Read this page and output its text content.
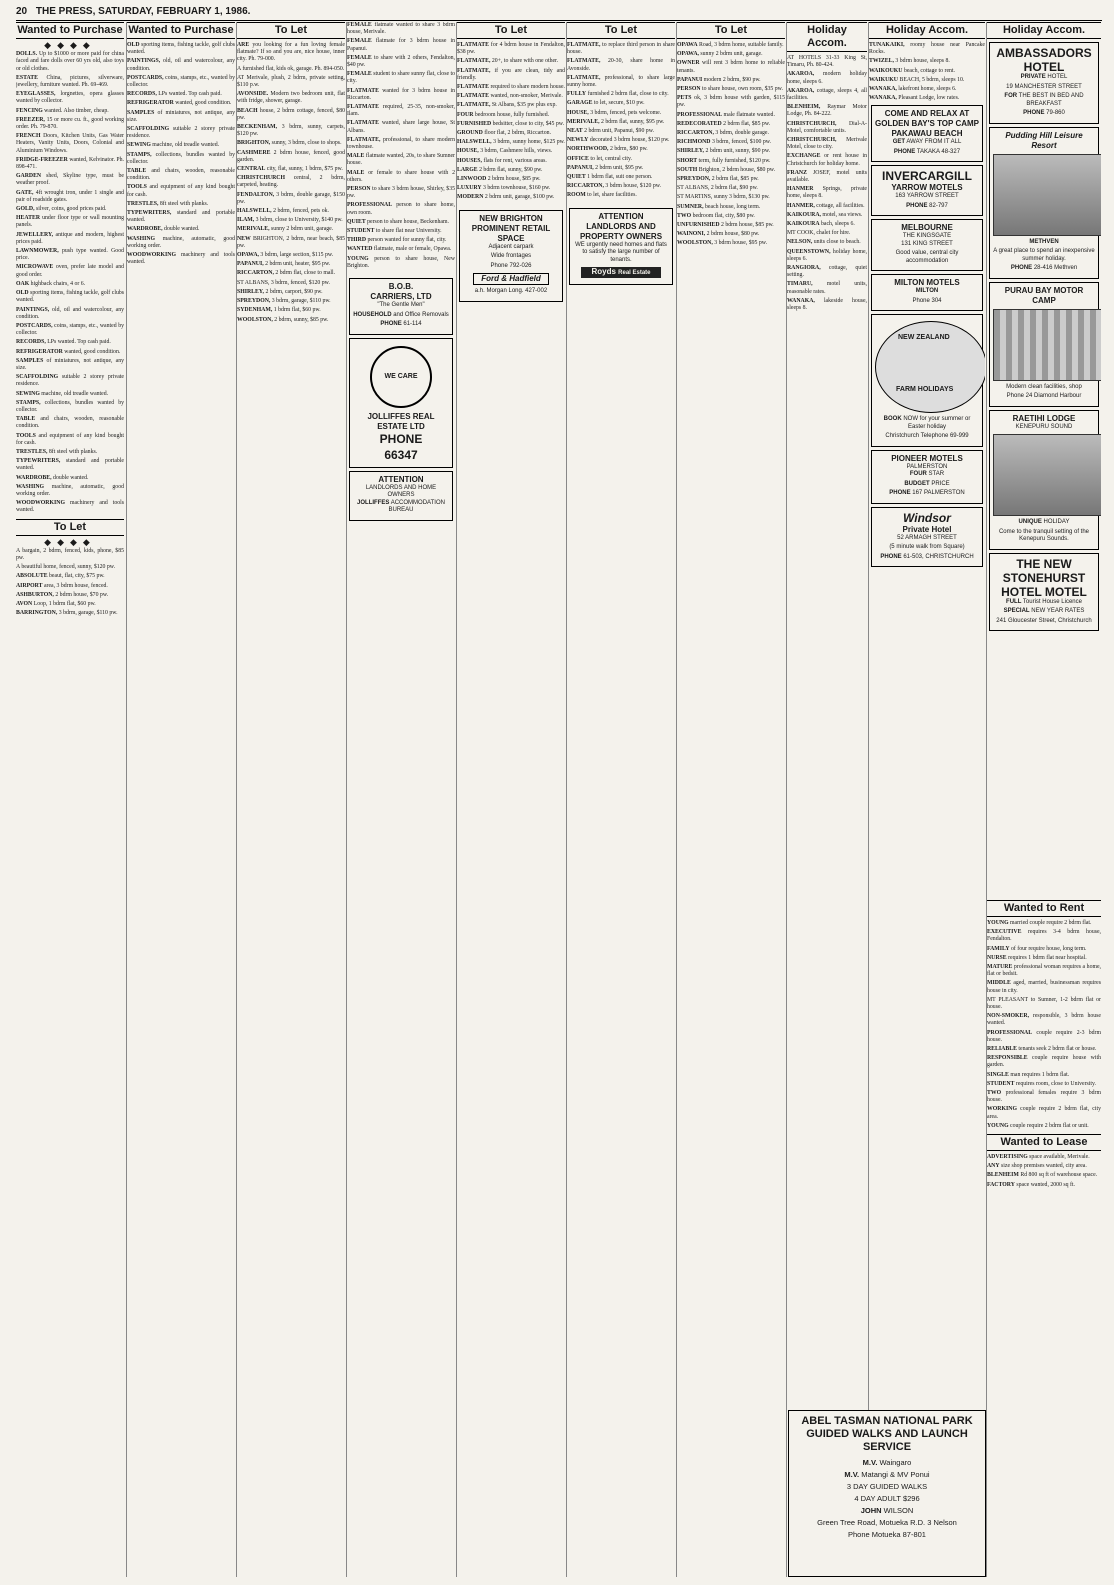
20 THE PRESS, SATURDAY, FEBRUARY 1, 1986.
Wanted to Purchase
◆◆◆◆
DOLLS. Up to $1000 or more paid for china faced and fare dolls over 60 yrs old, also toys or old clothes.
ESTATE China, pictures, silverware, jewellery, furniture wanted. Ph. 69-469.
EYEGLASSES, lorgnettes, opera glasses wanted by collector.
FENCING wanted. Also timber, cheap.
FREEZER, 15 or more cu. ft., good working order. Ph. 79-870.
FRENCH Doors, Kitchen Units, Gas Water Heaters, Vanity Units, Doors, Colonial and Aluminium Windows.
FRIDGE-FREEZER wanted, Kelvinator. Ph. 898-471.
GARDEN shed, Skyline type, must be weather proof.
GATE, 4ft wrought iron, under 1 single and pair of roadside gates.
GOLD, silver, coins, good prices paid.
HEATER under floor type or wall mounting panels.
JEWELLERY, antique and modern, highest prices paid.
LAWNMOWER, push type wanted. Good price.
MICROWAVE oven, prefer late model and good order.
OAK highback chairs, 4 or 6.
OLD sporting items, fishing tackle, golf clubs wanted.
PAINTINGS, old, oil and watercolour, any condition.
POSTCARDS, coins, stamps, etc., wanted by collector.
RECORDS, LPs wanted. Top cash paid.
REFRIGERATOR wanted, good condition.
SAMPLES of miniatures, not antique, any size.
SCAFFOLDING suitable 2 storey private residence.
SEWING machine, old treadle wanted.
STAMPS, collections, bundles wanted by collector.
TABLE and chairs, wooden, reasonable condition.
TOOLS and equipment of any kind bought for cash.
TRESTLES, 8ft steel with planks.
TYPEWRITERS, standard and portable wanted.
WARDROBE, double wanted.
WASHING machine, automatic, good working order.
WOODWORKING machinery and tools wanted.
To Let
◆◆◆◆
A bargain, 2 bdrm, fenced, kids, phone, $85 pw.
A beautiful home, fenced, sunny, $120 pw.
ABSOLUTE beaut, flat, city, $75 pw.
AIRPORT area, 3 bdrm house, fenced.
ASHBURTON, 2 bdrm house, $70 pw.
AVON Loop, 1 bdrm flat, $60 pw.
BARRINGTON, 3 bdrm, garage, $110 pw.
Wanted to Purchase
OLD sporting items, fishing tackle, golf clubs wanted.
PAINTINGS, old, oil and watercolour, any condition.
POSTCARDS, coins, stamps, etc., wanted by collector.
RECORDS, LPs wanted. Top cash paid.
REFRIGERATOR wanted, good condition.
SAMPLES of miniatures, not antique, any size.
SCAFFOLDING suitable 2 storey private residence.
SEWING machine, old treadle wanted.
STAMPS, collections, bundles wanted by collector.
TABLE and chairs, wooden, reasonable condition.
TOOLS and equipment of any kind bought for cash.
TRESTLES, 8ft steel with planks.
TYPEWRITERS, standard and portable wanted.
WARDROBE, double wanted.
WASHING machine, automatic, good working order.
WOODWORKING machinery and tools wanted.
To Let
ARE you looking for a fun loving female flatmate? If so and you are, nice house, inner city. Ph. 79-000.
A furnished flat, kids ok, garage. Ph. 894-050.
AT Merivale, plush, 2 bdrm, private setting, $110 p.w.
AVONSIDE. Modern two bedroom unit, flat with fridge, shower, garage.
BEACH house, 2 bdrm cottage, fenced, $80 pw.
BECKENHAM, 3 bdrm, sunny, carpets, $120 pw.
BRIGHTON, sunny, 3 bdrm, close to shops.
CASHMERE 2 bdrm house, fenced, good garden.
CENTRAL city, flat, sunny, 1 bdrm, $75 pw.
CHRISTCHURCH central, 2 bdrm, carpeted, heating.
FENDALTON, 3 bdrm, double garage, $150 pw.
HALSWELL, 2 bdrm, fenced, pets ok.
ILAM, 3 bdrm, close to University, $140 pw.
MERIVALE, sunny 2 bdrm unit, garage.
NEW BRIGHTON, 2 bdrm, near beach, $85 pw.
OPAWA, 3 bdrm, large section, $115 pw.
PAPANUI, 2 bdrm unit, heater, $95 pw.
RICCARTON, 2 bdrm flat, close to mall.
ST ALBANS, 3 bdrm, fenced, $120 pw.
SHIRLEY, 2 bdrm, carport, $90 pw.
SPREYDON, 3 bdrm, garage, $110 pw.
SYDENHAM, 1 bdrm flat, $60 pw.
WOOLSTON, 2 bdrm, sunny, $85 pw.
FEMALE flatmate wanted to share 3 bdrm house, Merivale.
FEMALE flatmate for 3 bdrm house in Papanui.
FEMALE to share with 2 others, Fendalton, $40 pw.
FEMALE student to share sunny flat, close to city.
FLATMATE wanted for 3 bdrm house in Riccarton.
FLATMATE required, 25-35, non-smoker, Ilam.
FLATMATE wanted, share large house, St Albans.
FLATMATE, professional, to share modern townhouse.
MALE flatmate wanted, 20s, to share Sumner house.
MALE or female to share house with 2 others.
PERSON to share 3 bdrm house, Shirley, $35 pw.
PROFESSIONAL person to share home, own room.
QUIET person to share house, Beckenham.
STUDENT to share flat near University.
THIRD person wanted for sunny flat, city.
WANTED flatmate, male or female, Opawa.
YOUNG person to share house, New Brighton.
B.O.B.
CARRIERS, LTD
"The Gentle Men"
HOUSEHOLD and Office Removals
PHONE 61-114
WE CARE
JOLLIFFES REAL ESTATE LTD
PHONE
66347
ATTENTION
LANDLORDS AND HOME OWNERS
JOLLIFFES ACCOMMODATION BUREAU
To Let
FLATMATE for 4 bdrm house in Fendalton, $38 pw.
FLATMATE, 20+, to share with one other.
FLATMATE, if you are clean, tidy and friendly.
FLATMATE required to share modern house.
FLATMATE wanted, non-smoker, Merivale.
FLATMATE, St Albans, $35 pw plus exp.
FOUR bedroom house, fully furnished.
FURNISHED bedsitter, close to city, $45 pw.
GROUND floor flat, 2 bdrm, Riccarton.
HALSWELL, 3 bdrm, sunny home, $125 pw.
HOUSE, 3 bdrm, Cashmere hills, views.
HOUSES, flats for rent, various areas.
LARGE 2 bdrm flat, sunny, $90 pw.
LINWOOD 2 bdrm house, $85 pw.
LUXURY 3 bdrm townhouse, $160 pw.
MODERN 2 bdrm unit, garage, $100 pw.
NEW BRIGHTON PROMINENT RETAIL SPACE
Adjacent carpark
Wide frontages
Phone 792-026
Ford & Hadfield
a.h. Morgan Long. 427-002
To Let
FLATMATE, to replace third person in share house.
FLATMATE, 20-30, share home in Avonside.
FLATMATE, professional, to share large sunny home.
FULLY furnished 2 bdrm flat, close to city.
GARAGE to let, secure, $10 pw.
HOUSE, 3 bdrm, fenced, pets welcome.
MERIVALE, 2 bdrm flat, sunny, $95 pw.
NEAT 2 bdrm unit, Papanui, $90 pw.
NEWLY decorated 3 bdrm house, $120 pw.
NORTHWOOD, 2 bdrm, $80 pw.
OFFICE to let, central city.
PAPANUI, 2 bdrm unit, $95 pw.
QUIET 1 bdrm flat, suit one person.
RICCARTON, 3 bdrm house, $120 pw.
ROOM to let, share facilities.
ATTENTION LANDLORDS AND PROPERTY OWNERS
WE urgently need homes and flats to satisfy the large number of tenants.
Royds Real Estate
To Let
OPAWA Road, 3 bdrm home, suitable family.
OPAWA, sunny 2 bdrm unit, garage.
OWNER will rent 3 bdrm home to reliable tenants.
PAPANUI modern 2 bdrm, $90 pw.
PERSON to share house, own room, $35 pw.
PETS ok, 3 bdrm house with garden, $115 pw.
PROFESSIONAL male flatmate wanted.
REDECORATED 2 bdrm flat, $85 pw.
RICCARTON, 3 bdrm, double garage.
RICHMOND 3 bdrm, fenced, $100 pw.
SHIRLEY, 2 bdrm unit, sunny, $90 pw.
SHORT term, fully furnished, $120 pw.
SOUTH Brighton, 2 bdrm house, $80 pw.
SPREYDON, 2 bdrm flat, $85 pw.
ST ALBANS, 2 bdrm flat, $90 pw.
ST MARTINS, sunny 3 bdrm, $130 pw.
SUMNER, beach house, long term.
TWO bedroom flat, city, $80 pw.
UNFURNISHED 2 bdrm house, $85 pw.
WAINONI, 2 bdrm house, $80 pw.
WOOLSTON, 3 bdrm house, $95 pw.
Holiday Accom.
AT HOTELS 31-33 King St, Timaru, Ph. 80-424.
AKAROA, modern holiday home, sleeps 6.
AKAROA, cottage, sleeps 4, all facilities.
BLENHEIM, Raymar Motor Lodge, Ph. 84-222.
CHRISTCHURCH, Dial-A-Motel, comfortable units.
CHRISTCHURCH, Merivale Motel, close to city.
EXCHANGE or rent house in Christchurch for holiday home.
FRANZ JOSEF, motel units available.
HANMER Springs, private home, sleeps 8.
HANMER, cottage, all facilities.
KAIKOURA, motel, sea views.
KAIKOURA bach, sleeps 6.
MT COOK, chalet for hire.
NELSON, units close to beach.
QUEENSTOWN, holiday home, sleeps 6.
RANGIORA, cottage, quiet setting.
TIMARU, motel units, reasonable rates.
WANAKA, lakeside house, sleeps 8.
Holiday Accom.
TUNAKAIKI, roomy house near Pancake Rocks.
TWIZEL, 3 bdrm house, sleeps 8.
WAIKOUKU beach, cottage to rent.
WAIKUKU BEACH, 5 bdrm, sleeps 10.
WANAKA, lakefront home, sleeps 6.
WANAKA, Pleasant Lodge, low rates.
COME AND RELAX AT GOLDEN BAY'S TOP CAMP
PAKAWAU BEACH
GET AWAY FROM IT ALL
PHONE TAKAKA 48-327
INVERCARGILL
YARROW MOTELS
163 YARROW STREET
PHONE 82-797
MELBOURNE
THE KINGSGATE
131 KING STREET
Good value, central city accommodation
MILTON MOTELS
MILTON
Phone 304
NEW ZEALAND
FARM HOLIDAYS
BOOK NOW for your summer or Easter holiday
Christchurch Telephone 69-999
PIONEER MOTELS
PALMERSTON
FOUR STAR
BUDGET PRICE
PHONE 167 PALMERSTON
Windsor
Private Hotel
52 ARMAGH STREET
(5 minute walk from Square)
PHONE 61-503, CHRISTCHURCH
Holiday Accom.
AMBASSADORS
HOTEL
PRIVATE HOTEL
19 MANCHESTER STREET
FOR THE BEST IN BED AND BREAKFAST
PHONE 79-860
Pudding Hill Leisure Resort
METHVEN
A great place to spend an inexpensive summer holiday.
PHONE 28-416 Methven
PURAU BAY MOTOR CAMP
Modern clean facilities, shop
Phone 24 Diamond Harbour
RAETIHI LODGE
KENEPURU SOUND
UNIQUE HOLIDAY
Come to the tranquil setting of the Kenepuru Sounds.
THE NEW STONEHURST HOTEL MOTEL
FULL Tourist House Licence
SPECIAL NEW YEAR RATES
241 Gloucester Street, Christchurch
Wanted to Rent
YOUNG married couple require 2 bdrm flat.
EXECUTIVE requires 3-4 bdrm house, Fendalton.
FAMILY of four require house, long term.
NURSE requires 1 bdrm flat near hospital.
MATURE professional woman requires a home, flat or bedsit.
MIDDLE aged, married, businessman requires house in city.
MT PLEASANT to Sumner, 1-2 bdrm flat or house.
NON-SMOKER, responsible, 3 bdrm house wanted.
PROFESSIONAL couple require 2-3 bdrm house.
RELIABLE tenants seek 2 bdrm flat or house.
RESPONSIBLE couple require house with garden.
SINGLE man requires 1 bdrm flat.
STUDENT requires room, close to University.
TWO professional females require 3 bdrm house.
WORKING couple require 2 bdrm flat, city area.
YOUNG couple require 2 bdrm flat or unit.
Wanted to Lease
ADVERTISING space available, Merivale.
ANY size shop premises wanted, city area.
BLENHEIM Rd 800 sq ft of warehouse space.
FACTORY space wanted, 2000 sq ft.
ABEL TASMAN NATIONAL PARK
GUIDED WALKS AND LAUNCH SERVICE
M.V. Waingaro
M.V. Matangi & MV Ponui
3 DAY GUIDED WALKS
4 DAY ADULT $296
JOHN WILSON
Green Tree Road, Motueka R.D. 3 Nelson
Phone Motueka 87-801
